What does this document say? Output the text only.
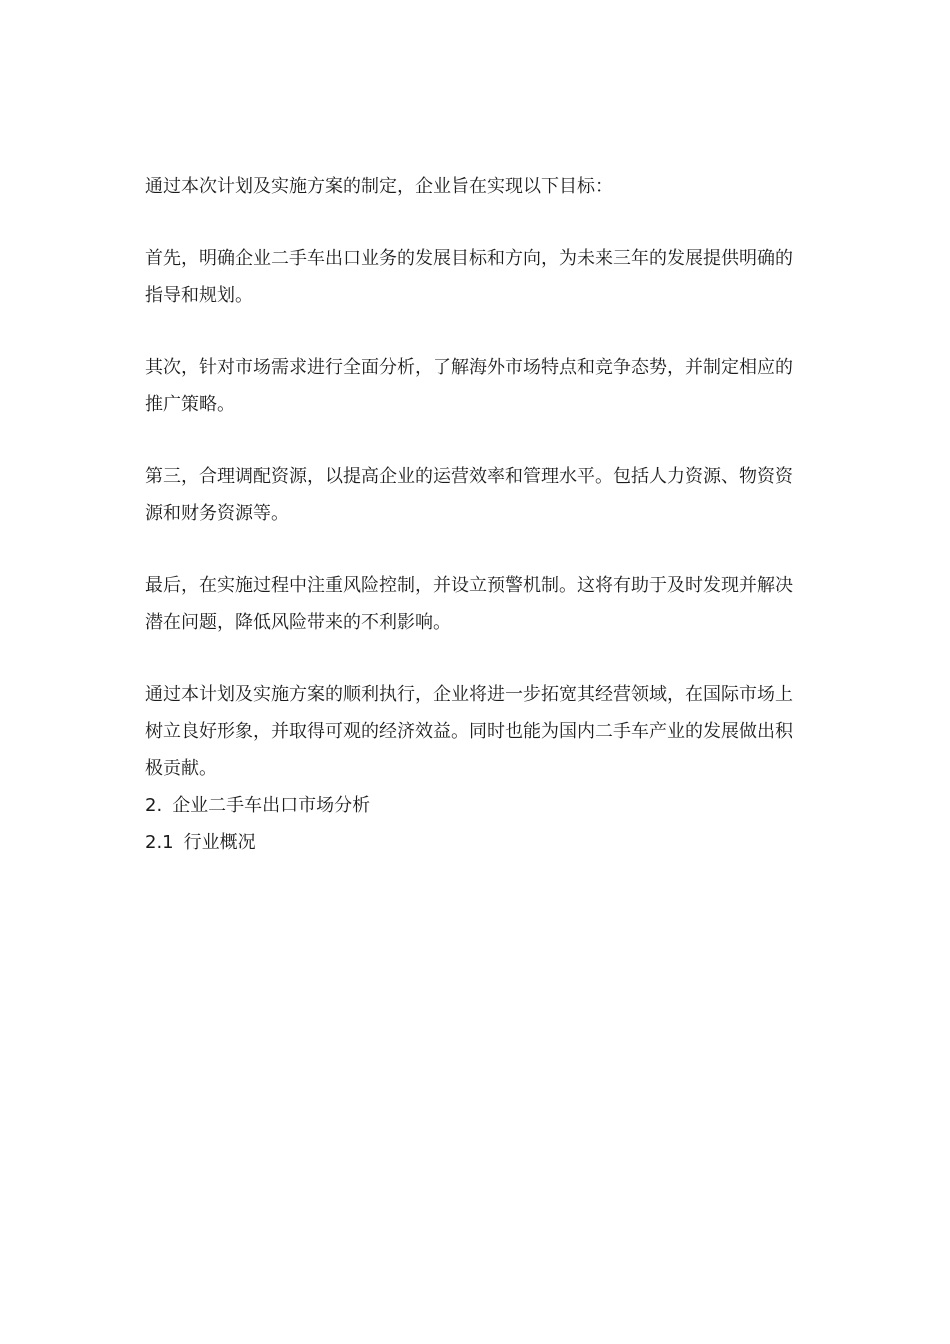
通过本次计划及实施方案的制定，企业旨在实现以下目标：

首先，明确企业二手车出口业务的发展目标和方向，为未来三年的发展提供明确的指导和规划。

其次，针对市场需求进行全面分析，了解海外市场特点和竞争态势，并制定相应的推广策略。

第三，合理调配资源，以提高企业的运营效率和管理水平。包括人力资源、物资资源和财务资源等。

最后，在实施过程中注重风险控制，并设立预警机制。这将有助于及时发现并解决潜在问题，降低风险带来的不利影响。

通过本计划及实施方案的顺利执行，企业将进一步拓宽其经营领域，在国际市场上树立良好形象，并取得可观的经济效益。同时也能为国内二手车产业的发展做出积极贡献。

2. 企业二手车出口市场分析

2.1 行业概况
